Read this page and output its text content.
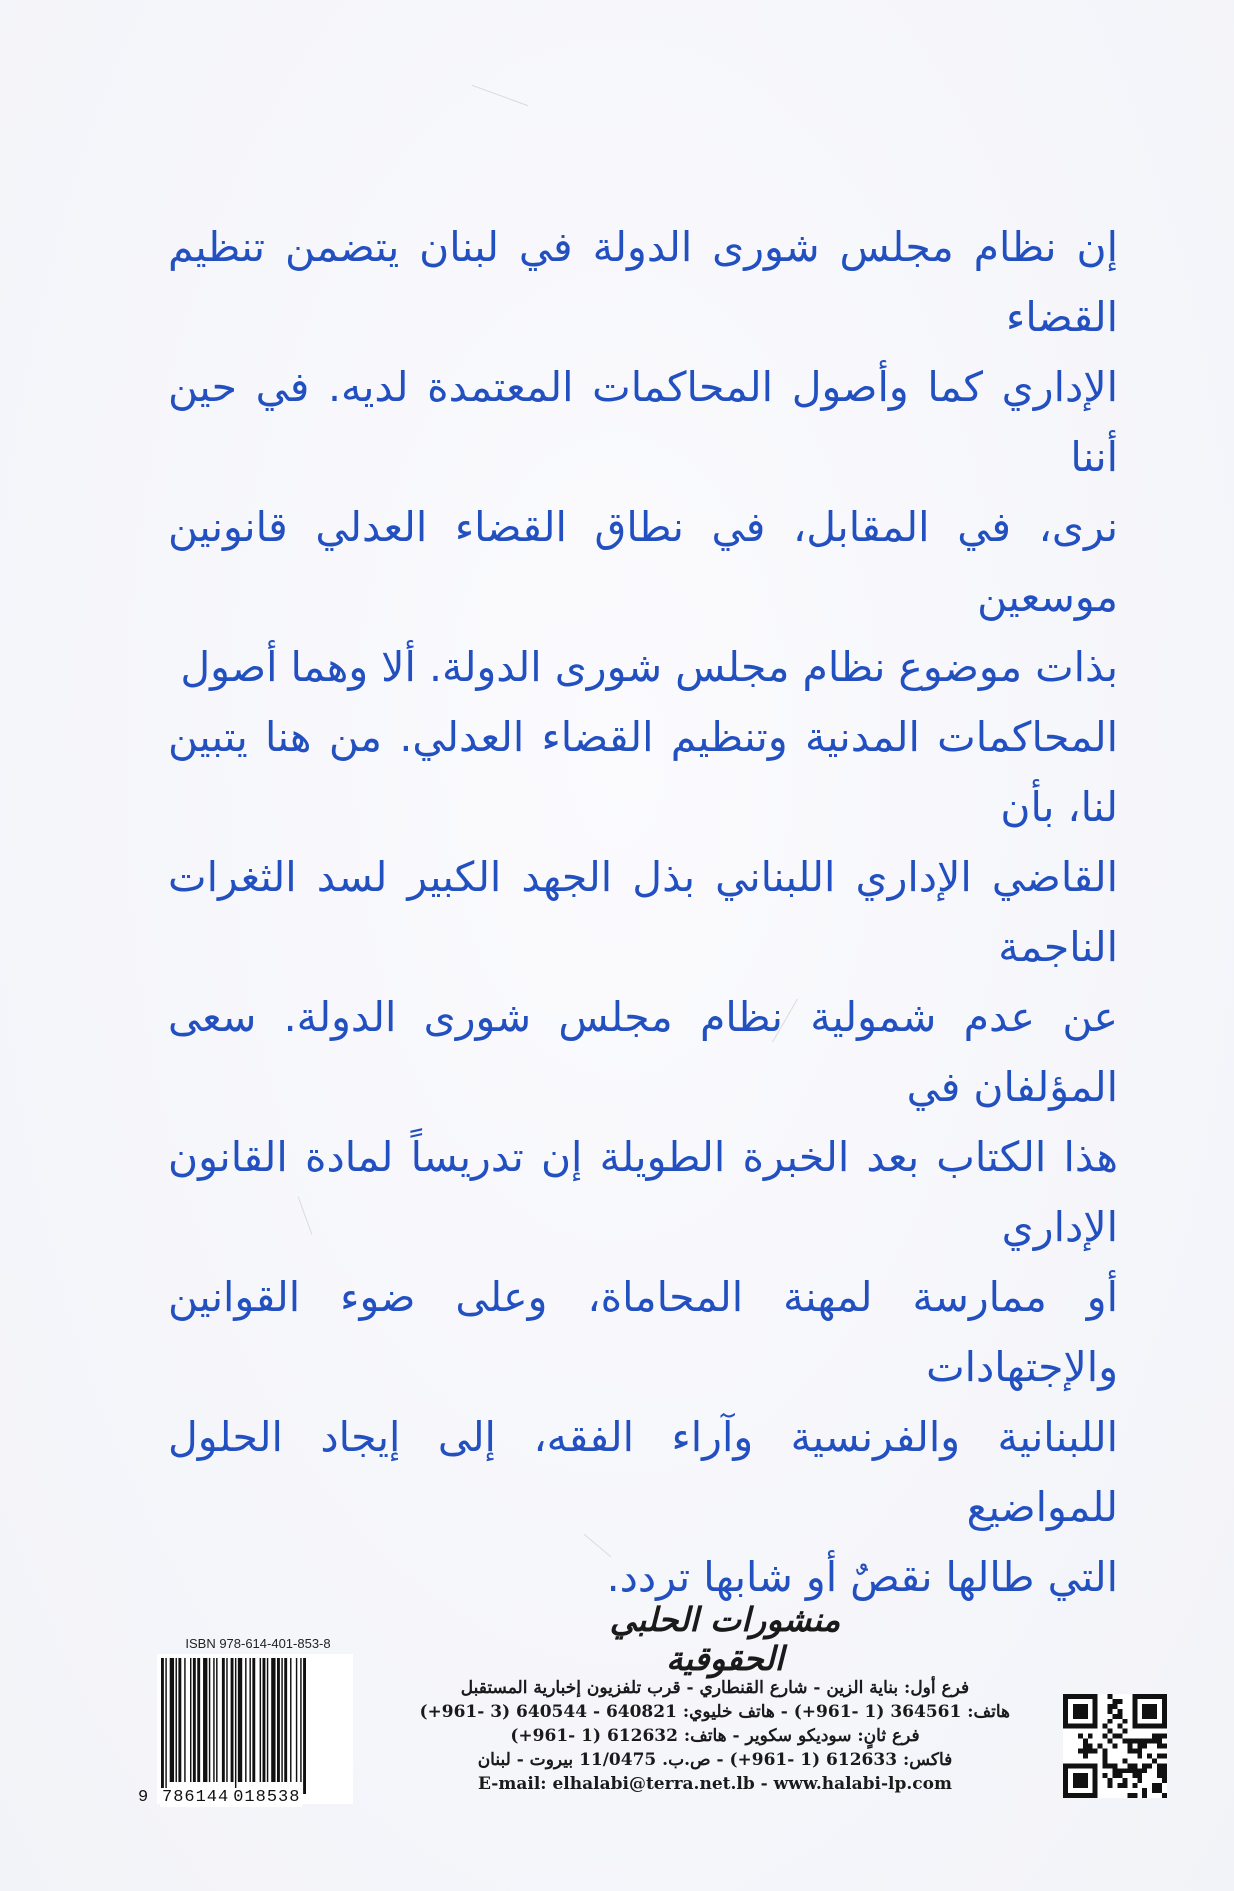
إن نظام مجلس شورى الدولة في لبنان يتضمن تنظيم القضاء
الإداري كما وأصول المحاكمات المعتمدة لديه. في حين أننا
نرى، في المقابل، في نطاق القضاء العدلي قانونين موسعين
بذات موضوع نظام مجلس شورى الدولة. ألا وهما أصول
المحاكمات المدنية وتنظيم القضاء العدلي. من هنا يتبين لنا، بأن
القاضي الإداري اللبناني بذل الجهد الكبير لسد الثغرات الناجمة
عن عدم شمولية نظام مجلس شورى الدولة. سعى المؤلفان في
هذا الكتاب بعد الخبرة الطويلة إن تدريساً لمادة القانون الإداري
أو ممارسة لمهنة المحاماة، وعلى ضوء القوانين والإجتهادات
اللبنانية والفرنسية وآراء الفقه، إلى إيجاد الحلول للمواضيع
التي طالها نقصٌ أو شابها تردد.
منشورات الحلبي الحقوقية
فرع أول: بناية الزين - شارع القنطاري - قرب تلفزيون إخبارية المستقبل
هاتف: 364561 (1 -961+) - هاتف خليوي: 640821 - 640544 (3 -961+)
فرع ثانٍ: سوديكو سكوير - هاتف: 612632 (1 -961+)
فاكس: 612633 (1 -961+) - ص.ب. 11/0475 بيروت - لبنان
E-mail: elhalabi@terra.net.lb - www.halabi-lp.com
ISBN 978-614-401-853-8
9 786144 018538
